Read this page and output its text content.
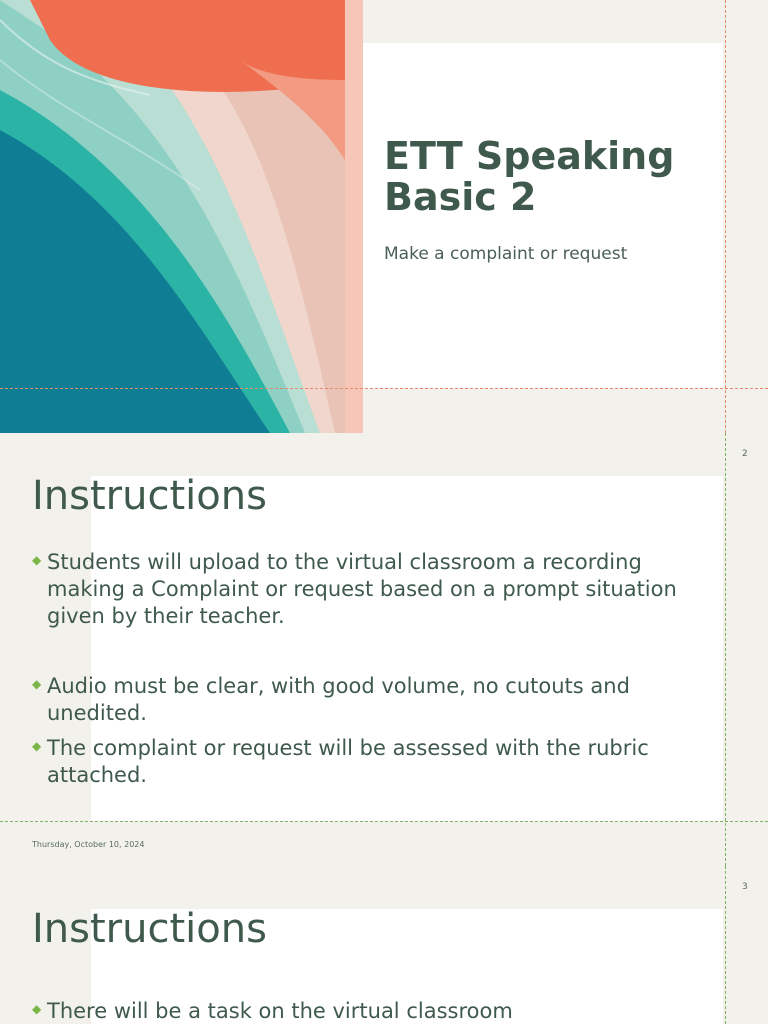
ETT Speaking Basic 2

Make a complaint or request

2
Instructions
◆ Students will upload to the virtual classroom a recording making a Complaint or request based on a prompt situation given by their teacher.
◆ Audio must be clear, with good volume, no cutouts and unedited.
◆ The complaint or request will be assessed with the rubric attached.
Thursday, October 10, 2024
3
Instructions
◆ There will be a task on the virtual classroom
